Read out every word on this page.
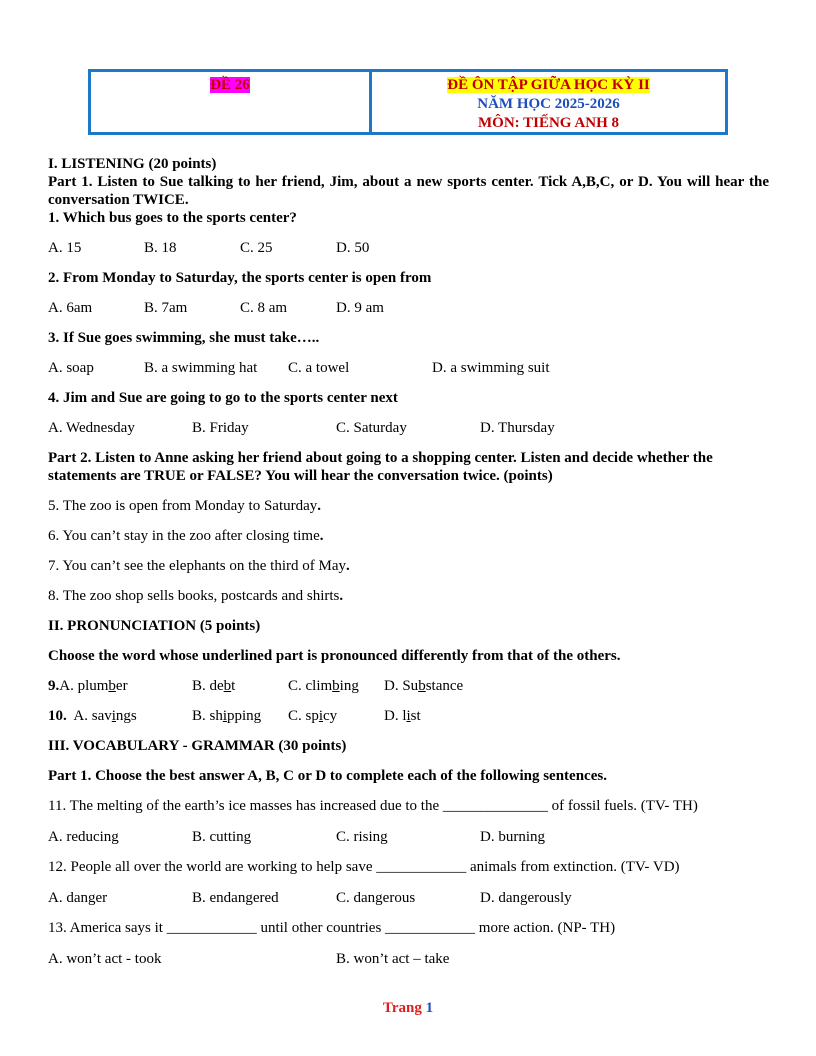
ĐỀ 26	ĐỀ ÔN TẬP GIỮA HỌC KỲ II
NĂM HỌC 2025-2026
MÔN: TIẾNG ANH 8
I. LISTENING (20 points)
Part 1. Listen to Sue talking to her friend, Jim, about a new sports center. Tick A,B,C, or D. You will hear the conversation TWICE.
1. Which bus goes to the sports center?
A. 15	B. 18	C. 25	D. 50
2. From Monday to Saturday, the sports center is open from
A. 6am	B. 7am	C. 8 am	D. 9 am
3. If Sue goes swimming, she must take…..
A. soap	B. a swimming hat	C. a towel	D. a swimming suit
4. Jim and Sue are going to go to the sports center next
A. Wednesday	B. Friday	C. Saturday	D. Thursday
Part 2. Listen to Anne asking her friend about going to a shopping center. Listen and decide whether the statements are TRUE or FALSE? You will hear the conversation twice. (points)
5. The zoo is open from Monday to Saturday.
6. You can’t stay in the zoo after closing time.
7. You can’t see the elephants on the third of May.
8. The zoo shop sells books, postcards and shirts.
II. PRONUNCIATION (5 points)
Choose the word whose underlined part is pronounced differently from that of the others.
9.A. plumber	B. debt	C. climbing	D. Substance
10.  A. savings	B. shipping	C. spicy	D. list
III. VOCABULARY - GRAMMAR (30 points)
Part 1. Choose the best answer A, B, C or D to complete each of the following sentences.
11. The melting of the earth’s ice masses has increased due to the ______________ of fossil fuels. (TV- TH)
A. reducing	B. cutting	C. rising	D. burning
12. People all over the world are working to help save ____________ animals from extinction. (TV- VD)
A. danger	B. endangered	C. dangerous	D. dangerously
13. America says it ____________ until other countries ____________ more action. (NP- TH)
A. won’t act - took	B. won’t act – take
Trang 1
